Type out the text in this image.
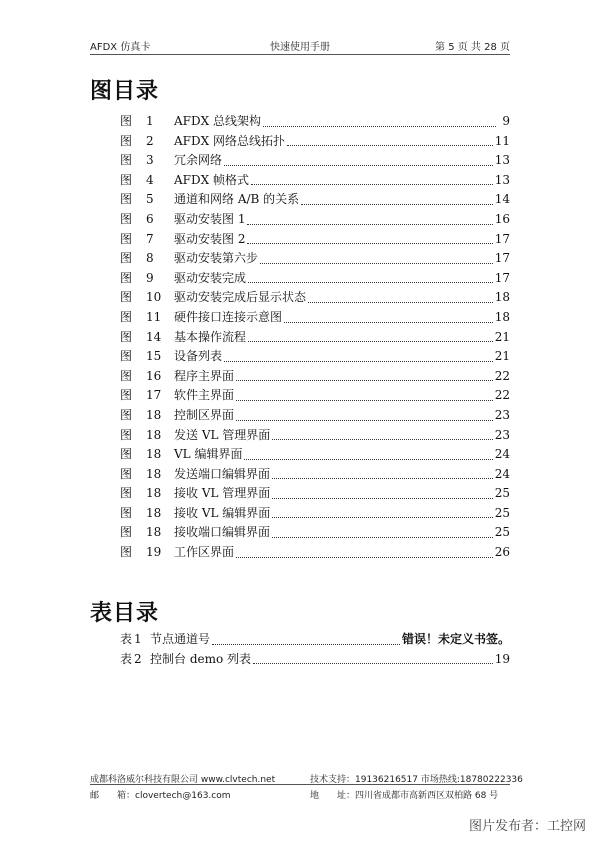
AFDX 仿真卡	快速使用手册	第 5 页 共 28 页
图目录
图	1	AFDX 总线架构	9
图	2	AFDX 网络总线拓扑	11
图	3	冗余网络	13
图	4	AFDX 帧格式	13
图	5	通道和网络 A/B 的关系	14
图	6	驱动安装图 1	16
图	7	驱动安装图 2	17
图	8	驱动安装第六步	17
图	9	驱动安装完成	17
图	10	驱动安装完成后显示状态	18
图	11	硬件接口连接示意图	18
图	14	基本操作流程	21
图	15	设备列表	21
图	16	程序主界面	22
图	17	软件主界面	22
图	18	控制区界面	23
图	18	发送 VL 管理界面	23
图	18	VL 编辑界面	24
图	18	发送端口编辑界面	24
图	18	接收 VL 管理界面	25
图	18	接收 VL 编辑界面	25
图	18	接收端口编辑界面	25
图	19	工作区界面	26
表目录
表 1 节点通道号	错误！未定义书签。
表 2 控制台 demo 列表	19
成都科洛威尔科技有限公司 www.clvtech.net	技术支持：19136216517 市场热线:18780222336
邮　　箱：clovertech@163.com	地　　址：四川省成都市高新西区双柏路 68 号
图片发布者：工控网
